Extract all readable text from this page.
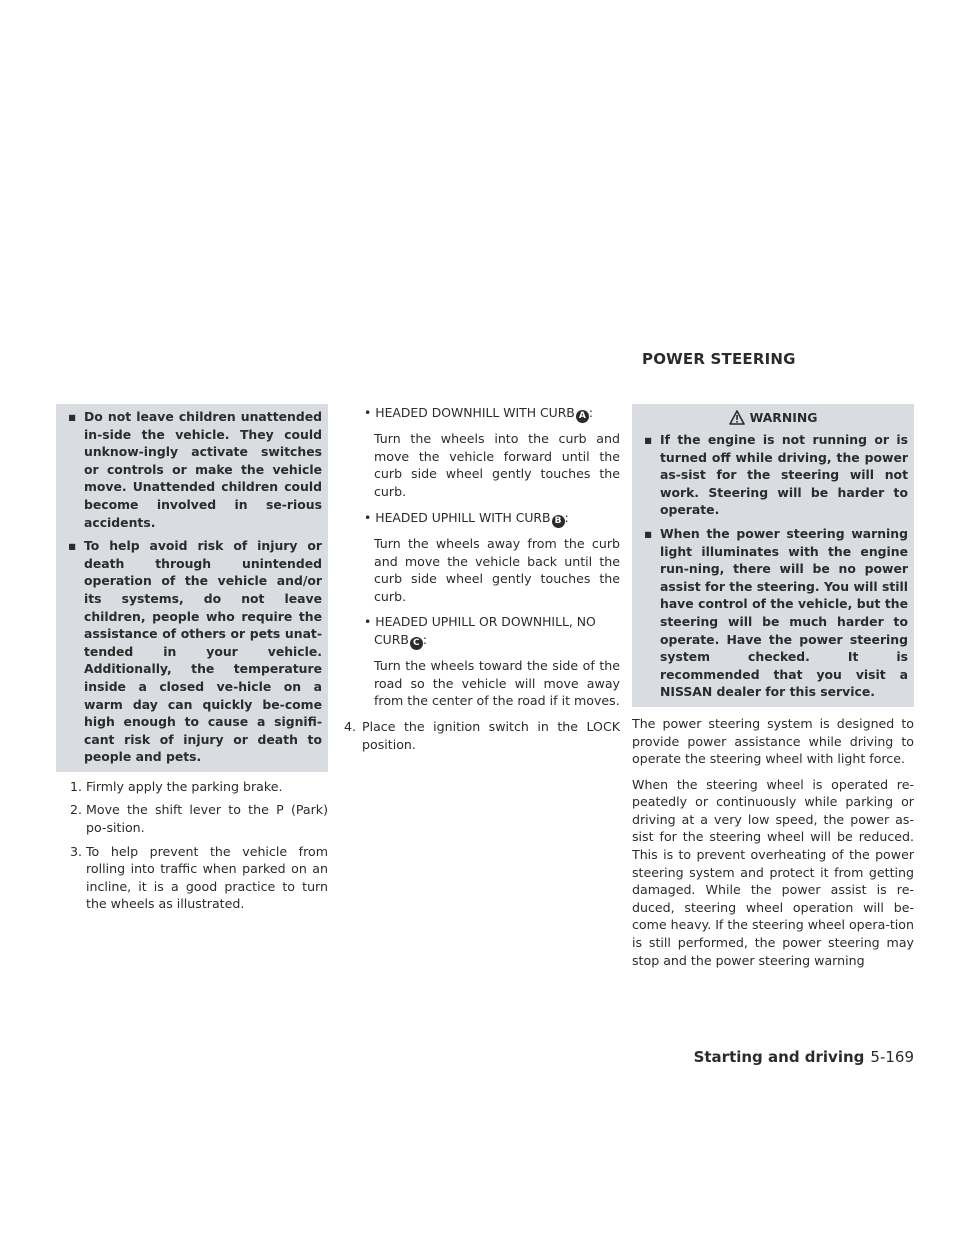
▪ Do not leave children unattended in-side the vehicle. They could unknow-ingly activate switches or controls or make the vehicle move. Unattended children could become involved in se-rious accidents.

▪ To help avoid risk of injury or death through unintended operation of the vehicle and/or its systems, do not leave children, people who require the assistance of others or pets unat-tended in your vehicle. Additionally, the temperature inside a closed ve-hicle on a warm day can quickly be-come high enough to cause a signifi-cant risk of injury or death to people and pets.

1. Firmly apply the parking brake.

2. Move the shift lever to the P (Park) po-sition.

3. To help prevent the vehicle from rolling into traffic when parked on an incline, it is a good practice to turn the wheels as illustrated.

• HEADED DOWNHILL WITH CURB A :

Turn the wheels into the curb and move the vehicle forward until the curb side wheel gently touches the curb.

• HEADED UPHILL WITH CURB B :

Turn the wheels away from the curb and move the vehicle back until the curb side wheel gently touches the curb.

• HEADED UPHILL OR DOWNHILL, NO CURB C :

Turn the wheels toward the side of the road so the vehicle will move away from the center of the road if it moves.

4. Place the ignition switch in the LOCK position.

POWER STEERING
WARNING

▪ If the engine is not running or is turned off while driving, the power as-sist for the steering will not work. Steering will be harder to operate.

▪ When the power steering warning light illuminates with the engine run-ning, there will be no power assist for the steering. You will still have control of the vehicle, but the steering will be much harder to operate. Have the power steering system checked. It is recommended that you visit a NISSAN dealer for this service.

The power steering system is designed to provide power assistance while driving to operate the steering wheel with light force.

When the steering wheel is operated re-peatedly or continuously while parking or driving at a very low speed, the power as-sist for the steering wheel will be reduced. This is to prevent overheating of the power steering system and protect it from getting damaged. While the power assist is re-duced, steering wheel operation will be-come heavy. If the steering wheel opera-tion is still performed, the power steering may stop and the power steering warning

Starting and driving 5-169
